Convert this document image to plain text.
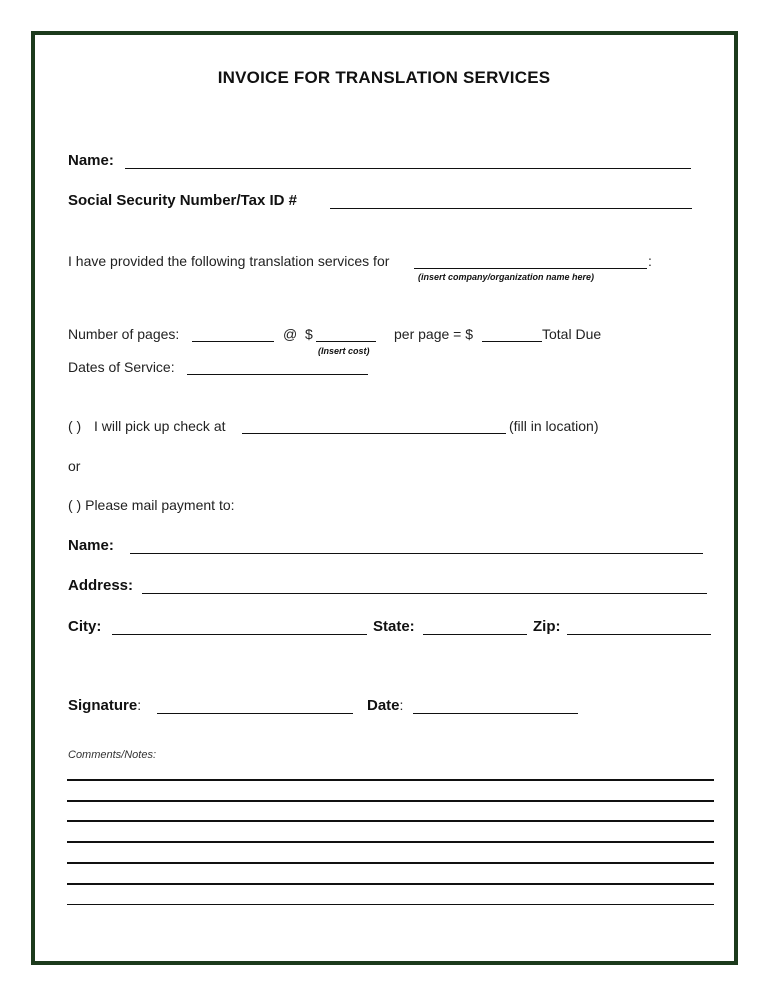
INVOICE FOR TRANSLATION SERVICES
Name:
Social Security Number/Tax ID #
I have provided the following translation services for	:
(insert company/organization name here)
Number of pages:	@ $
(Insert cost)
per page = $	Total Due
Dates of Service:
( ) I will pick up check at	(fill in location)
or
( ) Please mail payment to:
Name:
Address:
City:	State:	Zip:
Signature:	Date:
Comments/Notes:
